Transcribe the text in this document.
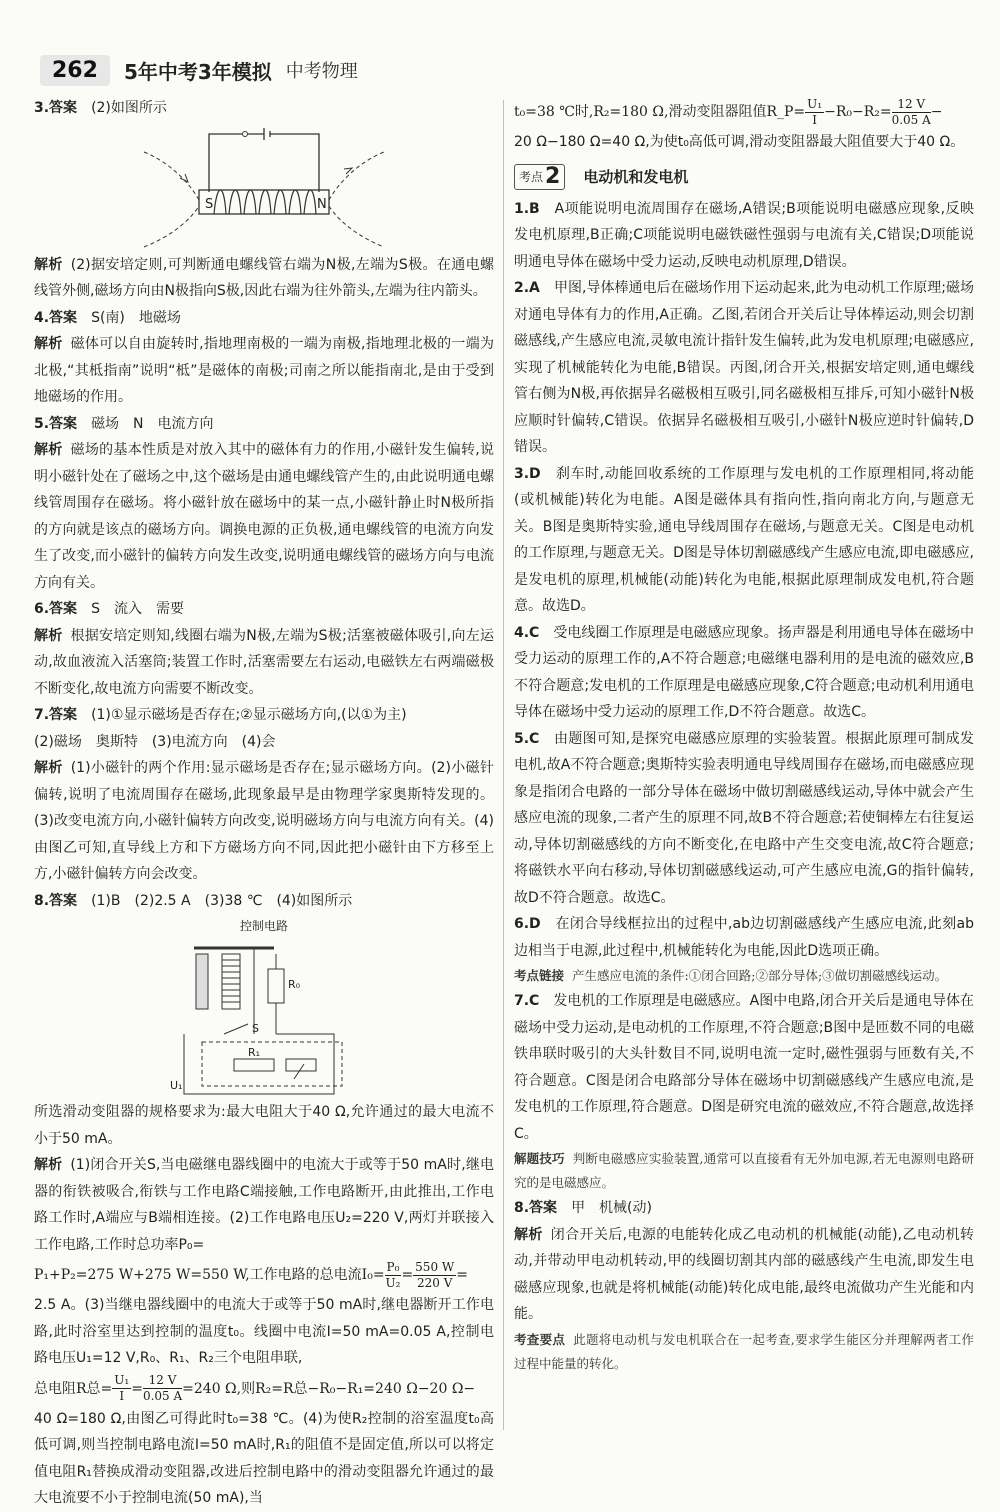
262	5年中考3年模拟 中考物理

3.答案　 (2)如图所示

S	N

解析 (2)据安培定则,可判断通电螺线管右端为N极,左端为S极。在通电螺线管外侧,磁场方向由N极指向S极,因此右端为往外箭头,左端为往内箭头。

4.答案　 S(南)　地磁场

解析 磁体可以自由旋转时,指地理南极的一端为南极,指地理北极的一端为北极,“其柢指南”说明“柢”是磁体的南极;司南之所以能指南北,是由于受到地磁场的作用。

5.答案　 磁场　N　电流方向

解析 磁场的基本性质是对放入其中的磁体有力的作用,小磁针发生偏转,说明小磁针处在了磁场之中,这个磁场是由通电螺线管产生的,由此说明通电螺线管周围存在磁场。将小磁针放在磁场中的某一点,小磁针静止时N极所指的方向就是该点的磁场方向。调换电源的正负极,通电螺线管的电流方向发生了改变,而小磁针的偏转方向发生改变,说明通电螺线管的磁场方向与电流方向有关。

6.答案　 S　流入　需要

解析 根据安培定则知,线圈右端为N极,左端为S极;活塞被磁体吸引,向左运动,故血液流入活塞筒;装置工作时,活塞需要左右运动,电磁铁左右两端磁极不断变化,故电流方向需要不断改变。

7.答案　 (1)①显示磁场是否存在;②显示磁场方向,(以①为主)

(2)磁场　奥斯特　(3)电流方向　(4)会

解析 (1)小磁针的两个作用:显示磁场是否存在;显示磁场方向。(2)小磁针偏转,说明了电流周围存在磁场,此现象最早是由物理学家奥斯特发现的。(3)改变电流方向,小磁针偏转方向改变,说明磁场方向与电流方向有关。(4)由图乙可知,直导线上方和下方磁场方向不同,因此把小磁针由下方移至上方,小磁针偏转方向会改变。

8.答案　 (1)B　(2)2.5 A　(3)38 ℃　(4)如图所示

控制电路
R₀
S
R₁
U₁

所选滑动变阻器的规格要求为:最大电阻大于40 Ω,允许通过的最大电流不小于50 mA。

解析 (1)闭合开关S,当电磁继电器线圈中的电流大于或等于50 mA时,继电器的衔铁被吸合,衔铁与工作电路C端接触,工作电路断开,由此推出,工作电路工作时,A端应与B端相连接。(2)工作电路电压U₂=220 V,两灯并联接入工作电路,工作时总功率P₀=

P₁+P₂=275 W+275 W=550 W,工作电路的总电流$I_0= \frac{\text{P₀}}{\text{U₂}} = \frac{550 W}{220 V}$ =

2.5 A。(3)当继电器线圈中的电流大于或等于50 mA时,继电器断开工作电路,此时浴室里达到控制的温度t₀。线圈中电流I=50 mA=0.05 A,控制电路电压U₁=12 V,R₀、R₁、R₂三个电阻串联,

总电阻R总= $\frac{\text{U₁}}{I} = \frac{12 V}{0.05 A} =240$ Ω,则R₂=R总−R₀−R₁=240 Ω−20 Ω−

40 Ω=180 Ω,由图乙可得此时t₀=38 ℃。(4)为使R₂控制的浴室温度t₀高低可调,则当控制电路电流I=50 mA时,R₁的阻值不是固定值,所以可以将定值电阻R₁替换成滑动变阻器,改进后控制电路中的滑动变阻器允许通过的最大电流要不小于控制电流(50 mA),当

t₀=38 ℃时,R₂=180 Ω,滑动变阻器阻值R_P= $\frac{\text{U₁}}{I} -R_0-R_2= \frac{12 V}{0.05 A}$ −

20 Ω−180 Ω=40 Ω,为使t₀高低可调,滑动变阻器最大阻值要大于40 Ω。

考点 2 电动机和发电机

1.B　 A项能说明电流周围存在磁场,A错误;B项能说明电磁感应现象,反映发电机原理,B正确;C项能说明电磁铁磁性强弱与电流有关,C错误;D项能说明通电导体在磁场中受力运动,反映电动机原理,D错误。

2.A　 甲图,导体棒通电后在磁场作用下运动起来,此为电动机工作原理;磁场对通电导体有力的作用,A正确。乙图,若闭合开关后让导体棒运动,则会切割磁感线,产生感应电流,灵敏电流计指针发生偏转,此为发电机原理;电磁感应,实现了机械能转化为电能,B错误。丙图,闭合开关,根据安培定则,通电螺线管右侧为N极,再依据异名磁极相互吸引,同名磁极相互排斥,可知小磁针N极应顺时针偏转,C错误。依据异名磁极相互吸引,小磁针N极应逆时针偏转,D错误。

3.D　 刹车时,动能回收系统的工作原理与发电机的工作原理相同,将动能(或机械能)转化为电能。A图是磁体具有指向性,指向南北方向,与题意无关。B图是奥斯特实验,通电导线周围存在磁场,与题意无关。C图是电动机的工作原理,与题意无关。D图是导体切割磁感线产生感应电流,即电磁感应,是发电机的原理,机械能(动能)转化为电能,根据此原理制成发电机,符合题意。故选D。

4.C　 受电线圈工作原理是电磁感应现象。扬声器是利用通电导体在磁场中受力运动的原理工作的,A不符合题意;电磁继电器利用的是电流的磁效应,B不符合题意;发电机的工作原理是电磁感应现象,C符合题意;电动机利用通电导体在磁场中受力运动的原理工作,D不符合题意。故选C。

5.C　 由题图可知,是探究电磁感应原理的实验装置。根据此原理可制成发电机,故A不符合题意;奥斯特实验表明通电导线周围存在磁场,而电磁感应现象是指闭合电路的一部分导体在磁场中做切割磁感线运动,导体中就会产生感应电流的现象,二者产生的原理不同,故B不符合题意;若使铜棒左右往复运动,导体切割磁感线的方向不断变化,在电路中产生交变电流,故C符合题意;将磁铁水平向右移动,导体切割磁感线运动,可产生感应电流,G的指针偏转,故D不符合题意。故选C。

6.D　 在闭合导线框拉出的过程中,ab边切割磁感线产生感应电流,此刻ab边相当于电源,此过程中,机械能转化为电能,因此D选项正确。

考点链接 产生感应电流的条件:①闭合回路;②部分导体;③做切割磁感线运动。

7.C　 发电机的工作原理是电磁感应。A图中电路,闭合开关后是通电导体在磁场中受力运动,是电动机的工作原理,不符合题意;B图中是匝数不同的电磁铁串联时吸引的大头针数目不同,说明电流一定时,磁性强弱与匝数有关,不符合题意。C图是闭合电路部分导体在磁场中切割磁感线产生感应电流,是发电机的工作原理,符合题意。D图是研究电流的磁效应,不符合题意,故选择C。

解题技巧 判断电磁感应实验装置,通常可以直接看有无外加电源,若无电源则电路研究的是电磁感应。

8.答案　 甲　机械(动)

解析 闭合开关后,电源的电能转化成乙电动机的机械能(动能),乙电动机转动,并带动甲电动机转动,甲的线圈切割其内部的磁感线产生电流,即发生电磁感应现象,也就是将机械能(动能)转化成电能,最终电流做功产生光能和内能。

考查要点 此题将电动机与发电机联合在一起考查,要求学生能区分并理解两者工作过程中能量的转化。
